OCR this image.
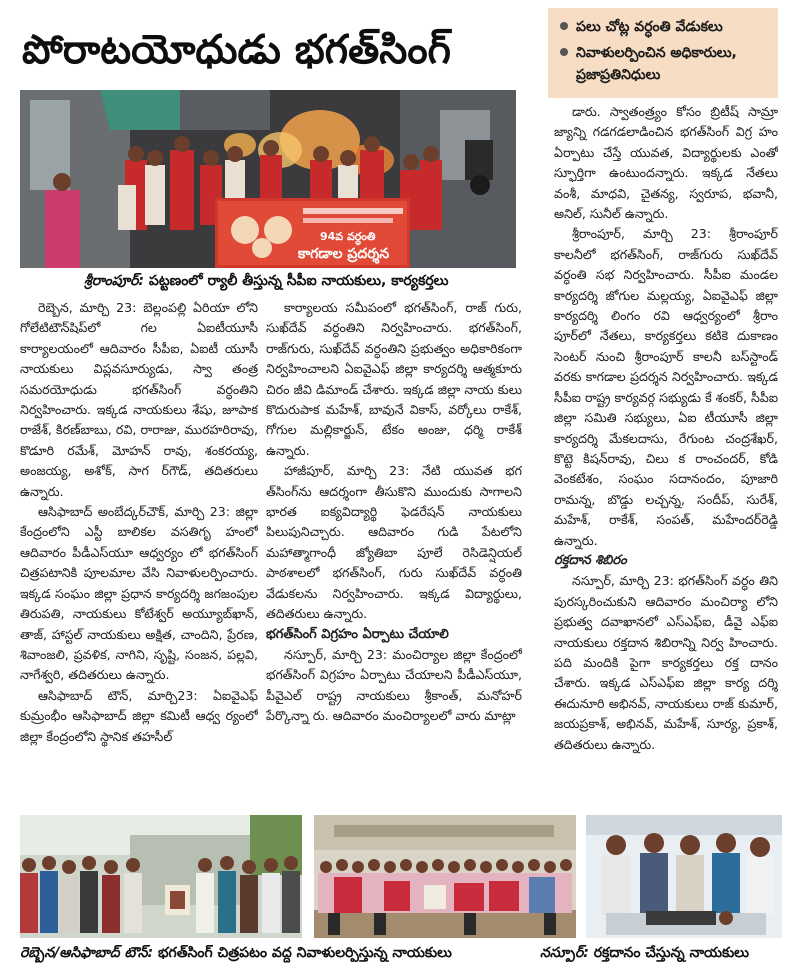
పోరాటయోధుడు భగత్‌సింగ్	పలు చోట్ల వర్ధంతి వేడుకలు
నివాళులర్పించిన అధికారులు, ప్రజాప్రతినిధులు
94వ వర్ధంతి
కాగడాల ప్రదర్శన
శ్రీరాంపూర్: పట్టణంలో ర్యాలీ తీస్తున్న సీపీఐ నాయకులు, కార్యకర్తలు

రెబ్బెన, మార్చి 23: బెల్లంపల్లి ఏరియా లోని గోలేటిటౌన్‌షిప్‌లో గల ఏఐటీయూసీ కార్యాలయంలో ఆదివారం సీపీఐ, ఏఐటీ యూసీ నాయకులు విప్లవసూర్యుడు, స్వా తంత్ర సమరయోధుడు భగత్‌సింగ్ వర్ధంతిని నిర్వహించారు. ఇక్కడ నాయకులు శేషు, జూపాక రాజేశ్, కిరణ్‌బాబు, రవి, రారాజు, మురహరిరావు, కొడూరి రమేశ్, మోహన్ రావు, శంకరయ్య, అంజయ్య, అశోక్, సాగ ర్‌గౌడ్, తదితరులు ఉన్నారు.

ఆసిఫాబాద్ అంబేద్కర్‌చౌక్, మార్చి 23: జిల్లా కేంద్రంలోని ఎస్టీ బాలికల వసతిగృ హంలో ఆదివారం పీడీఎస్‌యూ ఆధ్వర్యం లో భగత్‌సింగ్ చిత్రపటానికి పూలమాల వేసి నివాళులర్పించారు. ఇక్కడ సంఘం జిల్లా ప్రధాన కార్యదర్శి జగజంపుల తిరుపతి, నాయకులు కోటేశ్వర్ అయ్యూబ్‌ఖాన్, తాజ్, హాస్టల్ నాయకులు అక్షిత, చాందిని, ప్రేరణ, శివాంజలి, ప్రవళిక, నాగిని, సృష్టి, సంజన, పల్లవి, నాగేశ్వరి, తదితరులు ఉన్నారు.

ఆసిఫాబాద్ టౌన్, మార్చి23: ఏఐవైఎఫ్ కుమ్రంభీం ఆసిఫాబాద్ జిల్లా కమిటీ ఆధ్వ ర్యంలో జిల్లా కేంద్రంలోని స్థానిక తహసీల్

కార్యాలయ సమీపంలో భగత్‌సింగ్, రాజ్ గురు, సుఖ్‌దేవ్ వర్ధంతిని నిర్వహించారు. భగత్‌సింగ్, రాజ్‌గురు, సుఖ్‌దేవ్ వర్ధంతిని ప్రభుత్వం అధికారికంగా నిర్వహించాలని ఏఐవైఎఫ్ జిల్లా కార్యదర్శి ఆత్మకూరు చిరం జీవి డిమాండ్ చేశారు. ఇక్కడ జిల్లా నాయ కులు కొదురుపాక మహేశ్, బావునే వికాస్, వర్కోలు రాకేశ్, గోగుల మల్లికార్జున్, టేకం అంజు, ధర్మి రాకేశ్ ఉన్నారు.

హాజీపూర్, మార్చి 23: నేటి యువత భగ త్‌సింగ్‌ను ఆదర్శంగా తీసుకొని ముందుకు సాగాలని భారత ఐక్యవిద్యార్థి ఫెడరేషన్ నాయకులు పిలుపునిచ్చారు. ఆదివారం గుడి పేటలోని మహాత్మాగాంధీ జ్యోతిబా పూలే రెసిడెన్షియల్ పాఠశాలలో భగత్‌సింగ్, గురు సుఖ్‌దేవ్ వర్ధంతి వేడుకలను నిర్వహించారు. ఇక్కడ విద్యార్థులు, తదితరులు ఉన్నారు.

భగత్‌సింగ్ విగ్రహం ఏర్పాటు చేయాలి

నస్పూర్, మార్చి 23: మంచిర్యాల జిల్లా కేంద్రంలో భగత్‌సింగ్ విగ్రహం ఏర్పాటు చేయాలని పీడీఎస్‌యూ, పీవైఎల్ రాష్ట్ర నాయకులు శ్రీకాంత్, మనోహర్ పేర్కొన్నా రు. ఆదివారం మంచిర్యాలలో వారు మాట్లా

డారు. స్వాతంత్ర్యం కోసం బ్రిటీష్ సామ్రా జ్యాన్ని గడగడలాడించిన భగత్‌సింగ్ విగ్ర హం ఏర్పాటు చేస్తే యువత, విద్యార్థులకు ఎంతో స్ఫూర్తిగా ఉంటుందన్నారు. ఇక్కడ నేతలు వంశీ, మాధవి, చైతన్య, స్వరూప, భవానీ, అనిల్, సునీల్ ఉన్నారు.

శ్రీరాంపూర్, మార్చి 23: శ్రీరాంపూర్ కాలనీలో భగత్‌సింగ్, రాజ్‌గురు సుఖ్‌దేవ్ వర్ధంతి సభ నిర్వహించారు. సీపీఐ మండల కార్యదర్శి జోగుల మల్లయ్య, ఏఐవైఎఫ్ జిల్లా కార్యదర్శి లింగం రవి ఆధ్వర్యంలో శ్రీరాం పూర్‌లో నేతలు, కార్యకర్తలు కటికె దుకాణం సెంటర్ నుంచి శ్రీరాంపూర్ కాలనీ బస్‌స్టాండ్ వరకు కాగడాల ప్రదర్శన నిర్వహించారు. ఇక్కడ సీపీఐ రాష్ట్ర కార్యవర్గ సభ్యుడు కే శంకర్, సీపీఐ జిల్లా సమితి సభ్యులు, ఏఐ టీయూసీ జిల్లా కార్యదర్శి మేకలదాసు, రేగుంట చంద్రశేఖర్, కొట్టె కిషన్‌రావు, చిలు క రాంచందర్, కోడి వెంకటేశం, సంఘం సదానందం, పూజారి రామన్న, బొడ్డు లచ్చన్న, సందీప్, సురేశ్, మహేశ్, రాకేశ్, సంపత్, మహేందర్‌రెడ్డి ఉన్నారు.

రక్తదాన శిబిరం

నస్పూర్, మార్చి 23: భగత్‌సింగ్ వర్ధం తిని పురస్కరించుకుని ఆదివారం మంచిర్యా లోని ప్రభుత్వ దవాఖానలో ఎస్‌ఎఫ్ఐ, డీవై ఎఫ్ఐ నాయకులు రక్తదాన శిబిరాన్ని నిర్వ హించారు. పది మందికి పైగా కార్యకర్తలు రక్త దానం చేశారు. ఇక్కడ ఎస్‌ఎఫ్ఐ జిల్లా కార్య దర్శి ఈదునూరి అభినవ్, నాయకులు రాజ్ కుమార్, జయప్రకాశ్, అభినవ్, మహేశ్, సూర్య, ప్రకాశ్, తదితరులు ఉన్నారు.

రెబ్బెన/ఆసిఫాబాద్ టౌన్: భగత్‌సింగ్ చిత్రపటం వద్ద నివాళులర్పిస్తున్న నాయకులు	నస్పూర్: రక్తదానం చేస్తున్న నాయకులు
